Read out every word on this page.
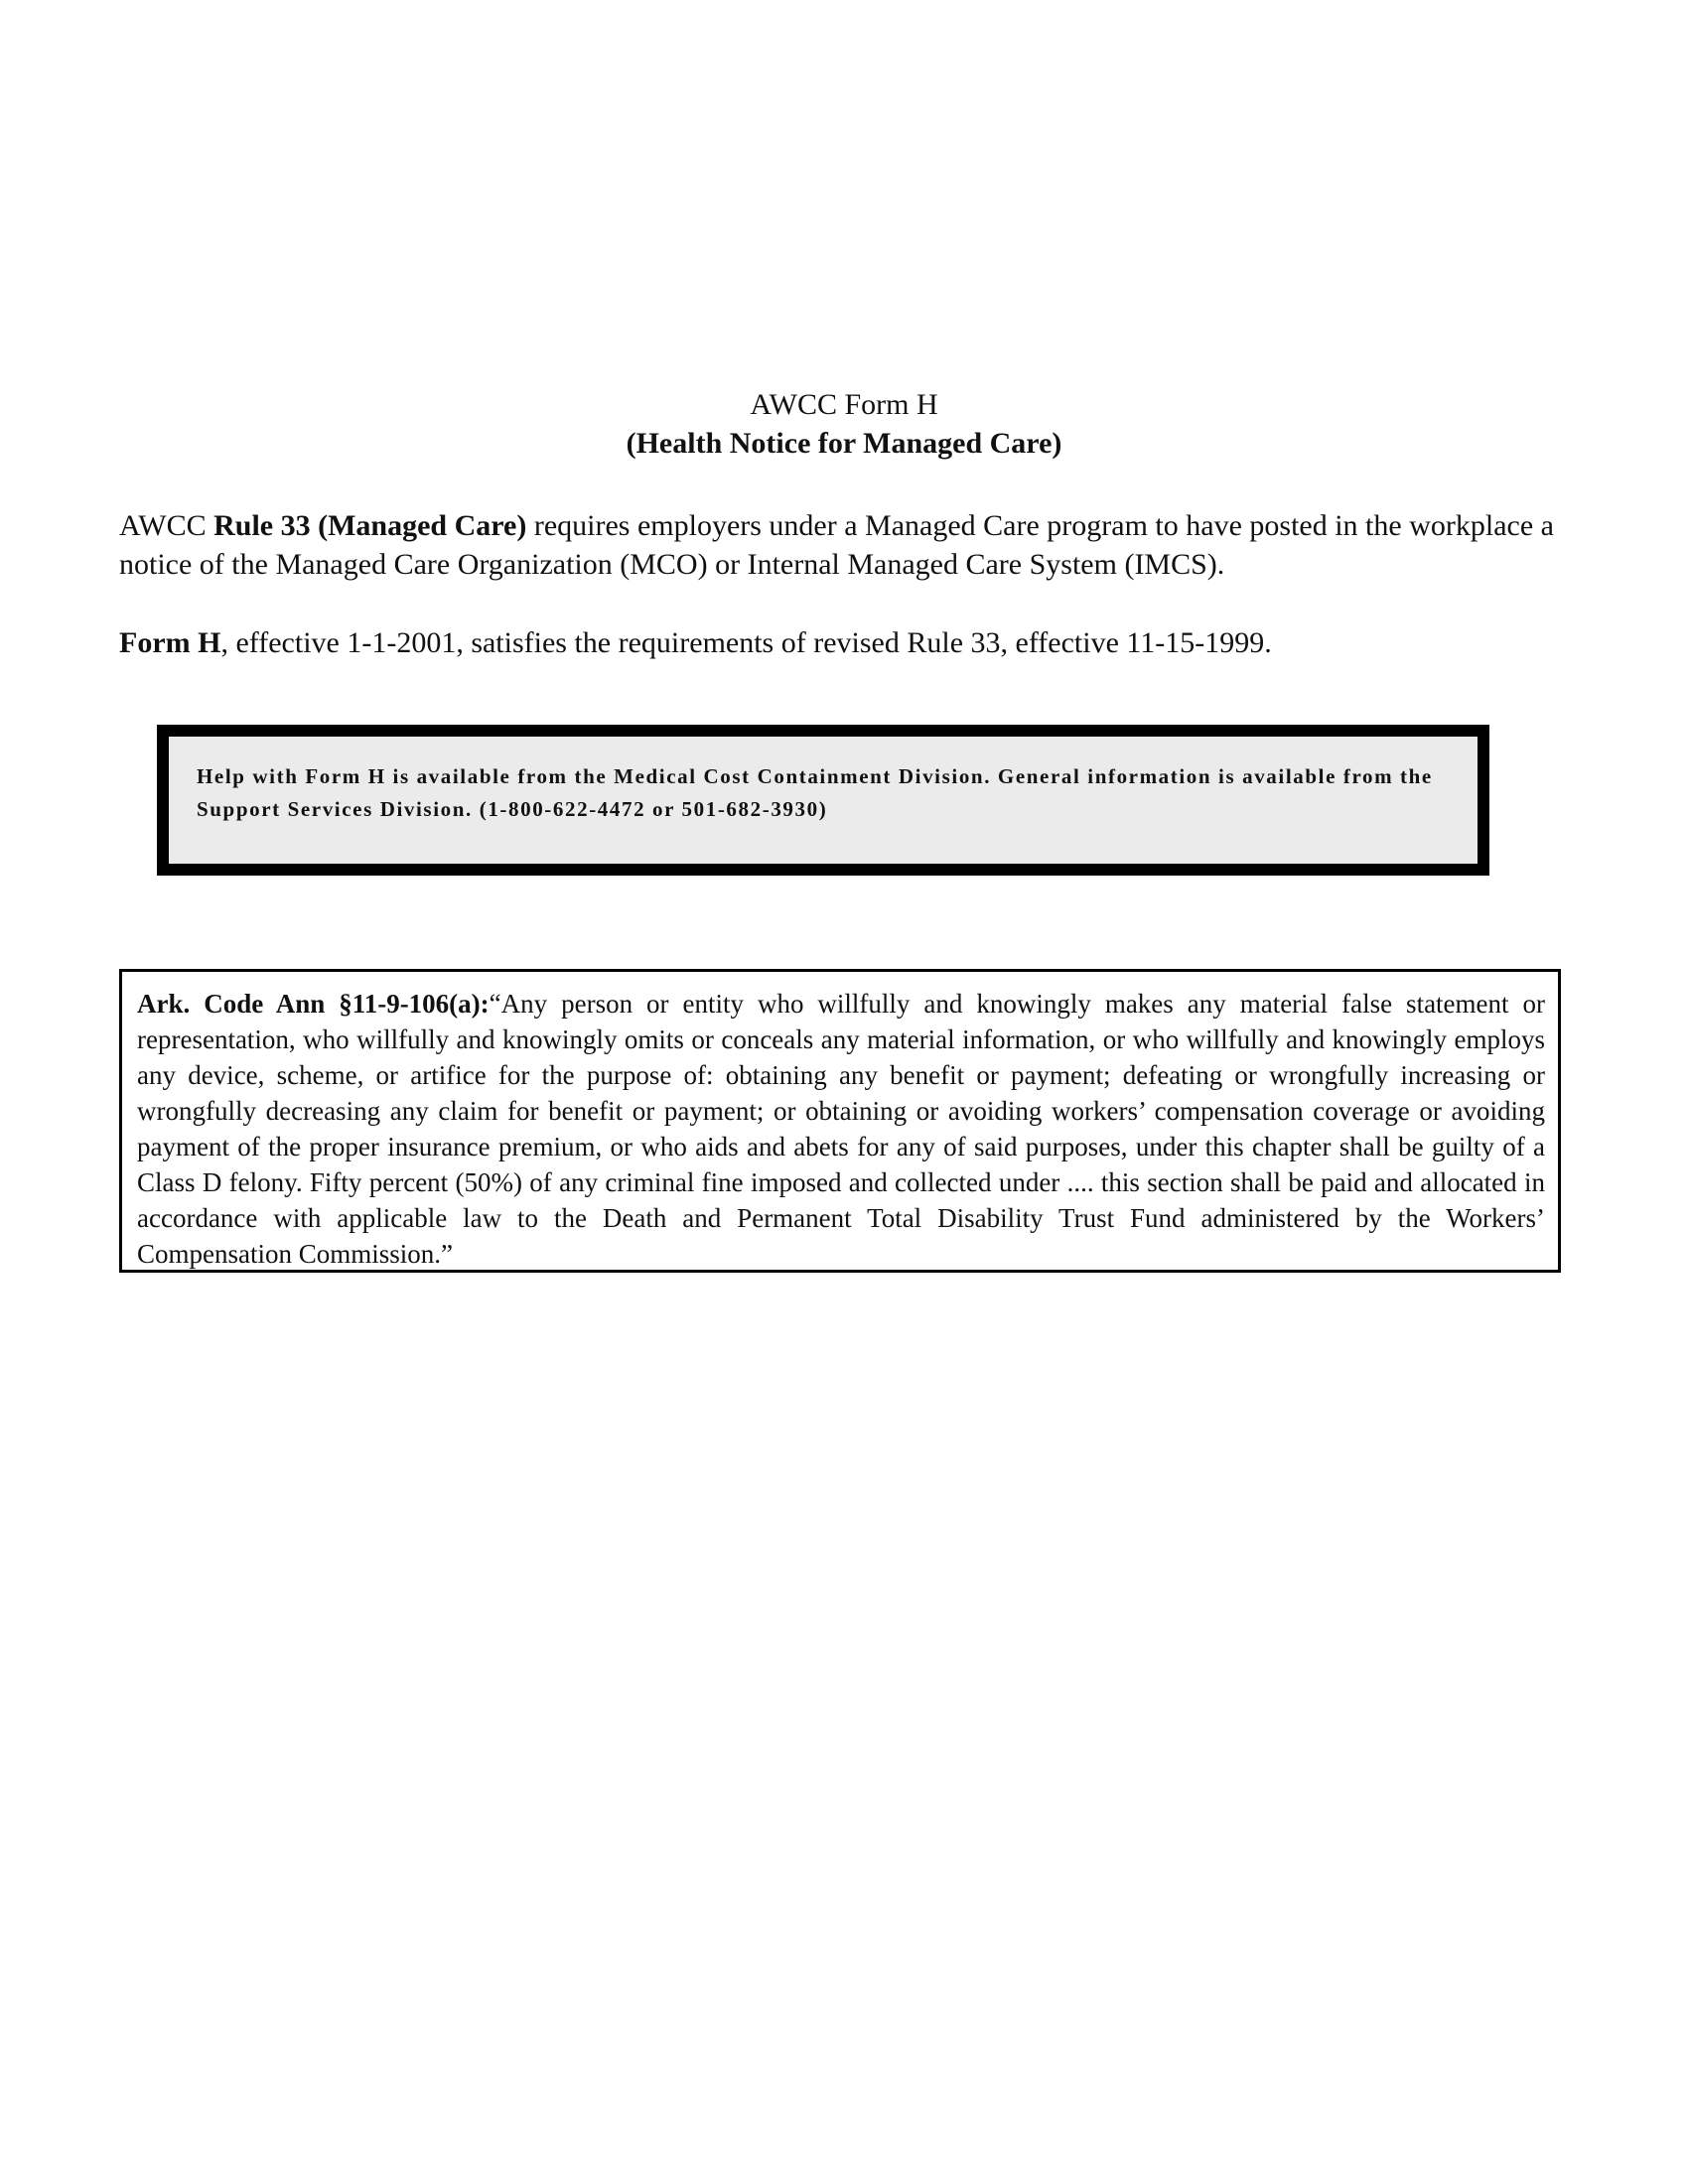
AWCC Form H
(Health Notice for Managed Care)
AWCC Rule 33 (Managed Care) requires employers under a Managed Care program to have posted in the workplace a notice of the Managed Care Organization (MCO) or Internal Managed Care System (IMCS).
Form H, effective 1-1-2001, satisfies the requirements of revised Rule 33, effective 11-15-1999.
Help with Form H is available from the Medical Cost Containment Division. General information is available from the Support Services Division. (1-800-622-4472 or 501-682-3930)
Ark. Code Ann §11-9-106(a):“Any person or entity who willfully and knowingly makes any material false statement or representation, who willfully and knowingly omits or conceals any material information, or who willfully and knowingly employs any device, scheme, or artifice for the purpose of: obtaining any benefit or payment; defeating or wrongfully increasing or wrongfully decreasing any claim for benefit or payment; or obtaining or avoiding workers’ compensation coverage or avoiding payment of the proper insurance premium, or who aids and abets for any of said purposes, under this chapter shall be guilty of a Class D felony. Fifty percent (50%) of any criminal fine imposed and collected under .... this section shall be paid and allocated in accordance with applicable law to the Death and Permanent Total Disability Trust Fund administered by the Workers’ Compensation Commission.”
